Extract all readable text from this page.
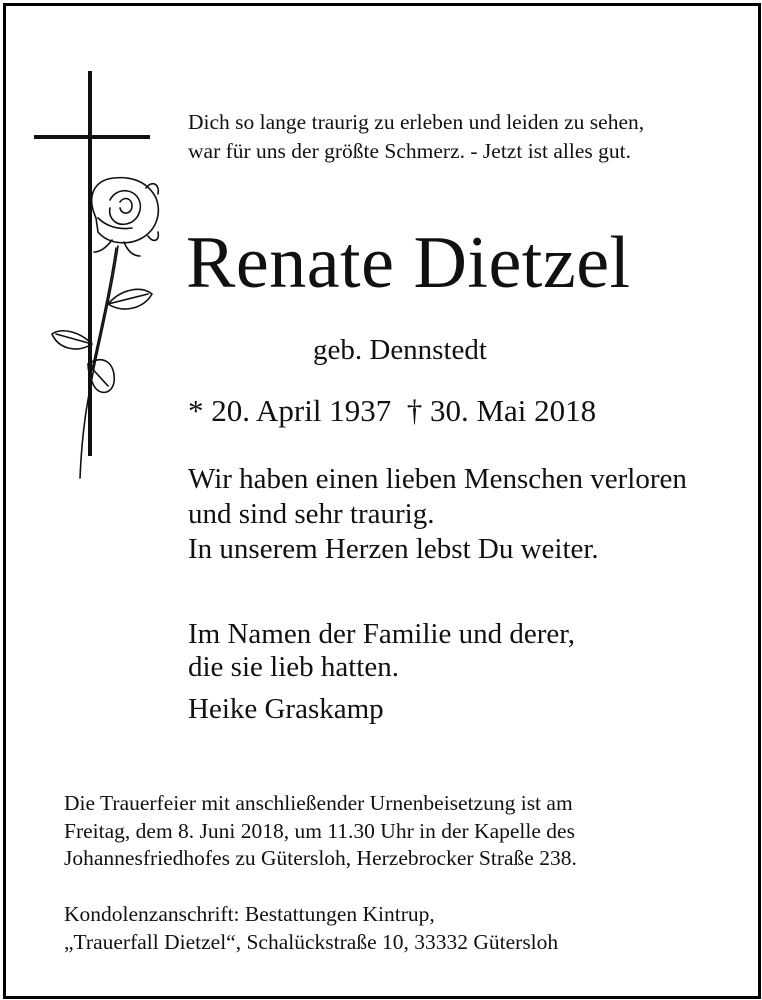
Dich so lange traurig zu erleben und leiden zu sehen,
war für uns der größte Schmerz. - Jetzt ist alles gut.
Renate Dietzel
geb. Dennstedt
* 20. April 1937  † 30. Mai 2018
Wir haben einen lieben Menschen verloren
und sind sehr traurig.
In unserem Herzen lebst Du weiter.
Im Namen der Familie und derer,
die sie lieb hatten.
Heike Graskamp
Die Trauerfeier mit anschließender Urnenbeisetzung ist am
Freitag, dem 8. Juni 2018, um 11.30 Uhr in der Kapelle des
Johannesfriedhofes zu Gütersloh, Herzebrocker Straße 238.
Kondolenzanschrift: Bestattungen Kintrup,
„Trauerfall Dietzel“, Schalückstraße 10, 33332 Gütersloh
